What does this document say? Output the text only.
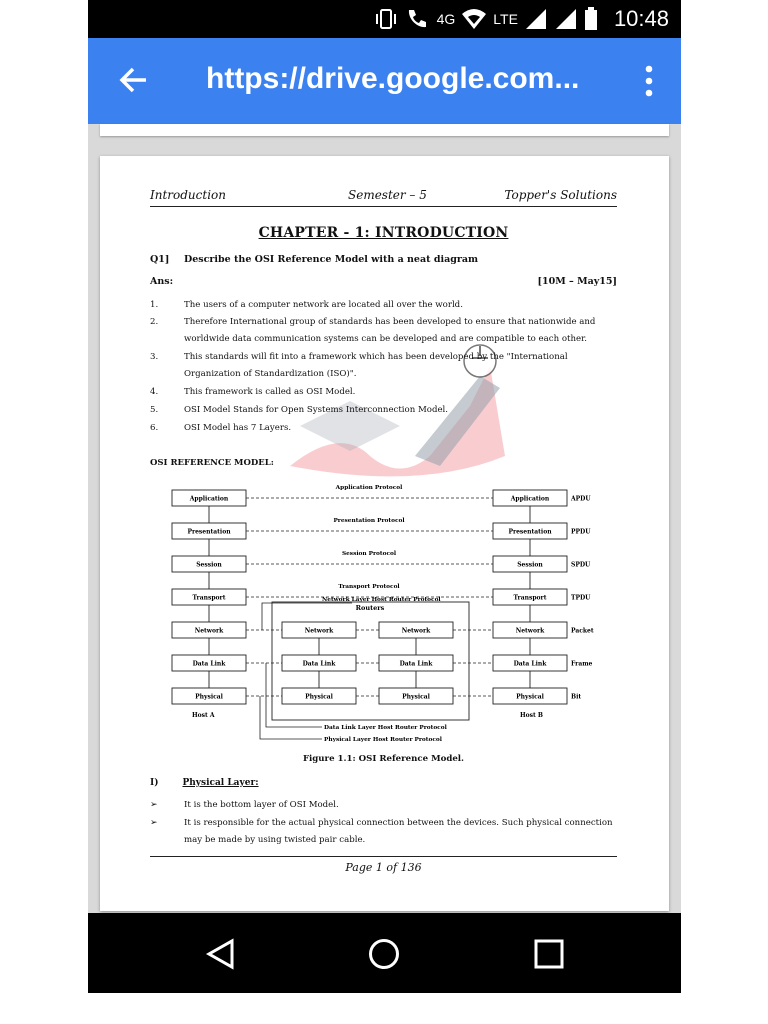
4G	LTE	10:48
https://drive.google.com...
Introduction	Semester – 5	Topper's Solutions
CHAPTER - 1: INTRODUCTION
Q1] Describe the OSI Reference Model with a neat diagram
Ans:	[10M – May15]
1.	The users of a computer network are located all over the world.
2.	Therefore International group of standards has been developed to ensure that nationwide and worldwide data communication systems can be developed and are compatible to each other.
3.	This standards will fit into a framework which has been developed by the "International Organization of Standardization (ISO)".
4.	This framework is called as OSI Model.
5.	OSI Model Stands for Open Systems Interconnection Model.
6.	OSI Model has 7 Layers.
OSI REFERENCE MODEL:
Routers
Application	Application	APDU
Application Protocol
Presentation	Presentation	PPDU
Presentation Protocol
Session	Session	SPDU
Session Protocol
Transport	Transport	TPDU
Transport Protocol
Network	Network	Packet
Data Link	Data Link	Frame
Physical	Physical	Bit
Network	Network
Data Link	Data Link
Physical	Physical
Network Layer Host Router Protocol
Data Link Layer Host Router Protocol
Physical Layer Host Router Protocol
Host A	Host B
Figure 1.1: OSI Reference Model.
I)	Physical Layer:
➢	It is the bottom layer of OSI Model.
➢	It is responsible for the actual physical connection between the devices. Such physical connection may be made by using twisted pair cable.
Page 1 of 136
